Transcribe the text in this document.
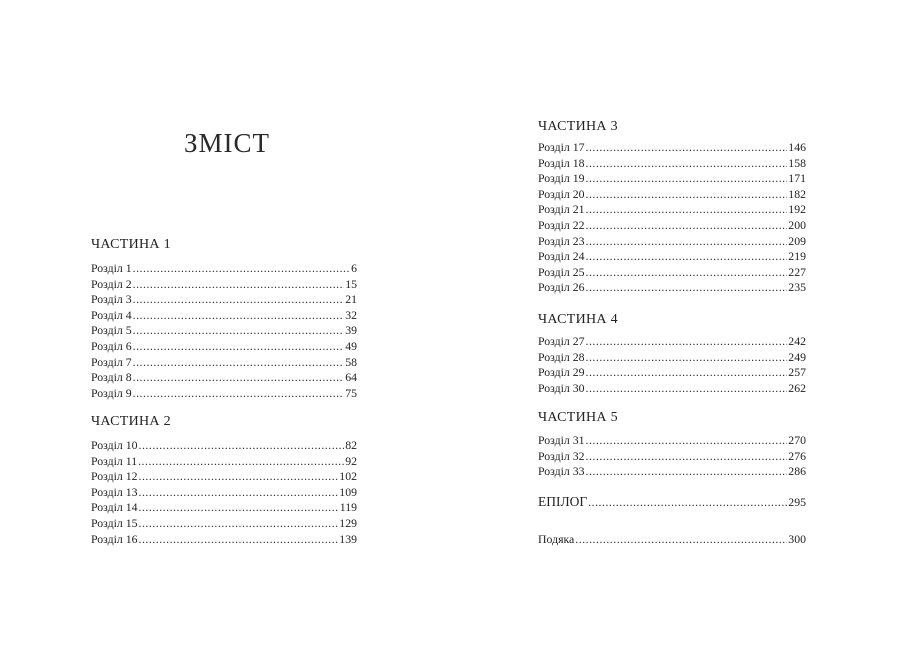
ЗМІСТ
ЧАСТИНА 1
Розділ 1 .....	6
Розділ 2 .....	15
Розділ 3 .....	21
Розділ 4 .....	32
Розділ 5 .....	39
Розділ 6 .....	49
Розділ 7 .....	58
Розділ 8 .....	64
Розділ 9 .....	75
ЧАСТИНА 2
Розділ 10 .....	82
Розділ 11 .....	92
Розділ 12 .....	102
Розділ 13 .....	109
Розділ 14 .....	119
Розділ 15 .....	129
Розділ 16 .....	139
ЧАСТИНА 3
Розділ 17 .....	146
Розділ 18 .....	158
Розділ 19 .....	171
Розділ 20 .....	182
Розділ 21 .....	192
Розділ 22 .....	200
Розділ 23 .....	209
Розділ 24 .....	219
Розділ 25 .....	227
Розділ 26 .....	235
ЧАСТИНА 4
Розділ 27 .....	242
Розділ 28 .....	249
Розділ 29 .....	257
Розділ 30 .....	262
ЧАСТИНА 5
Розділ 31 .....	270
Розділ 32 .....	276
Розділ 33 .....	286
ЕПІЛОГ .....	295
Подяка .....	300
